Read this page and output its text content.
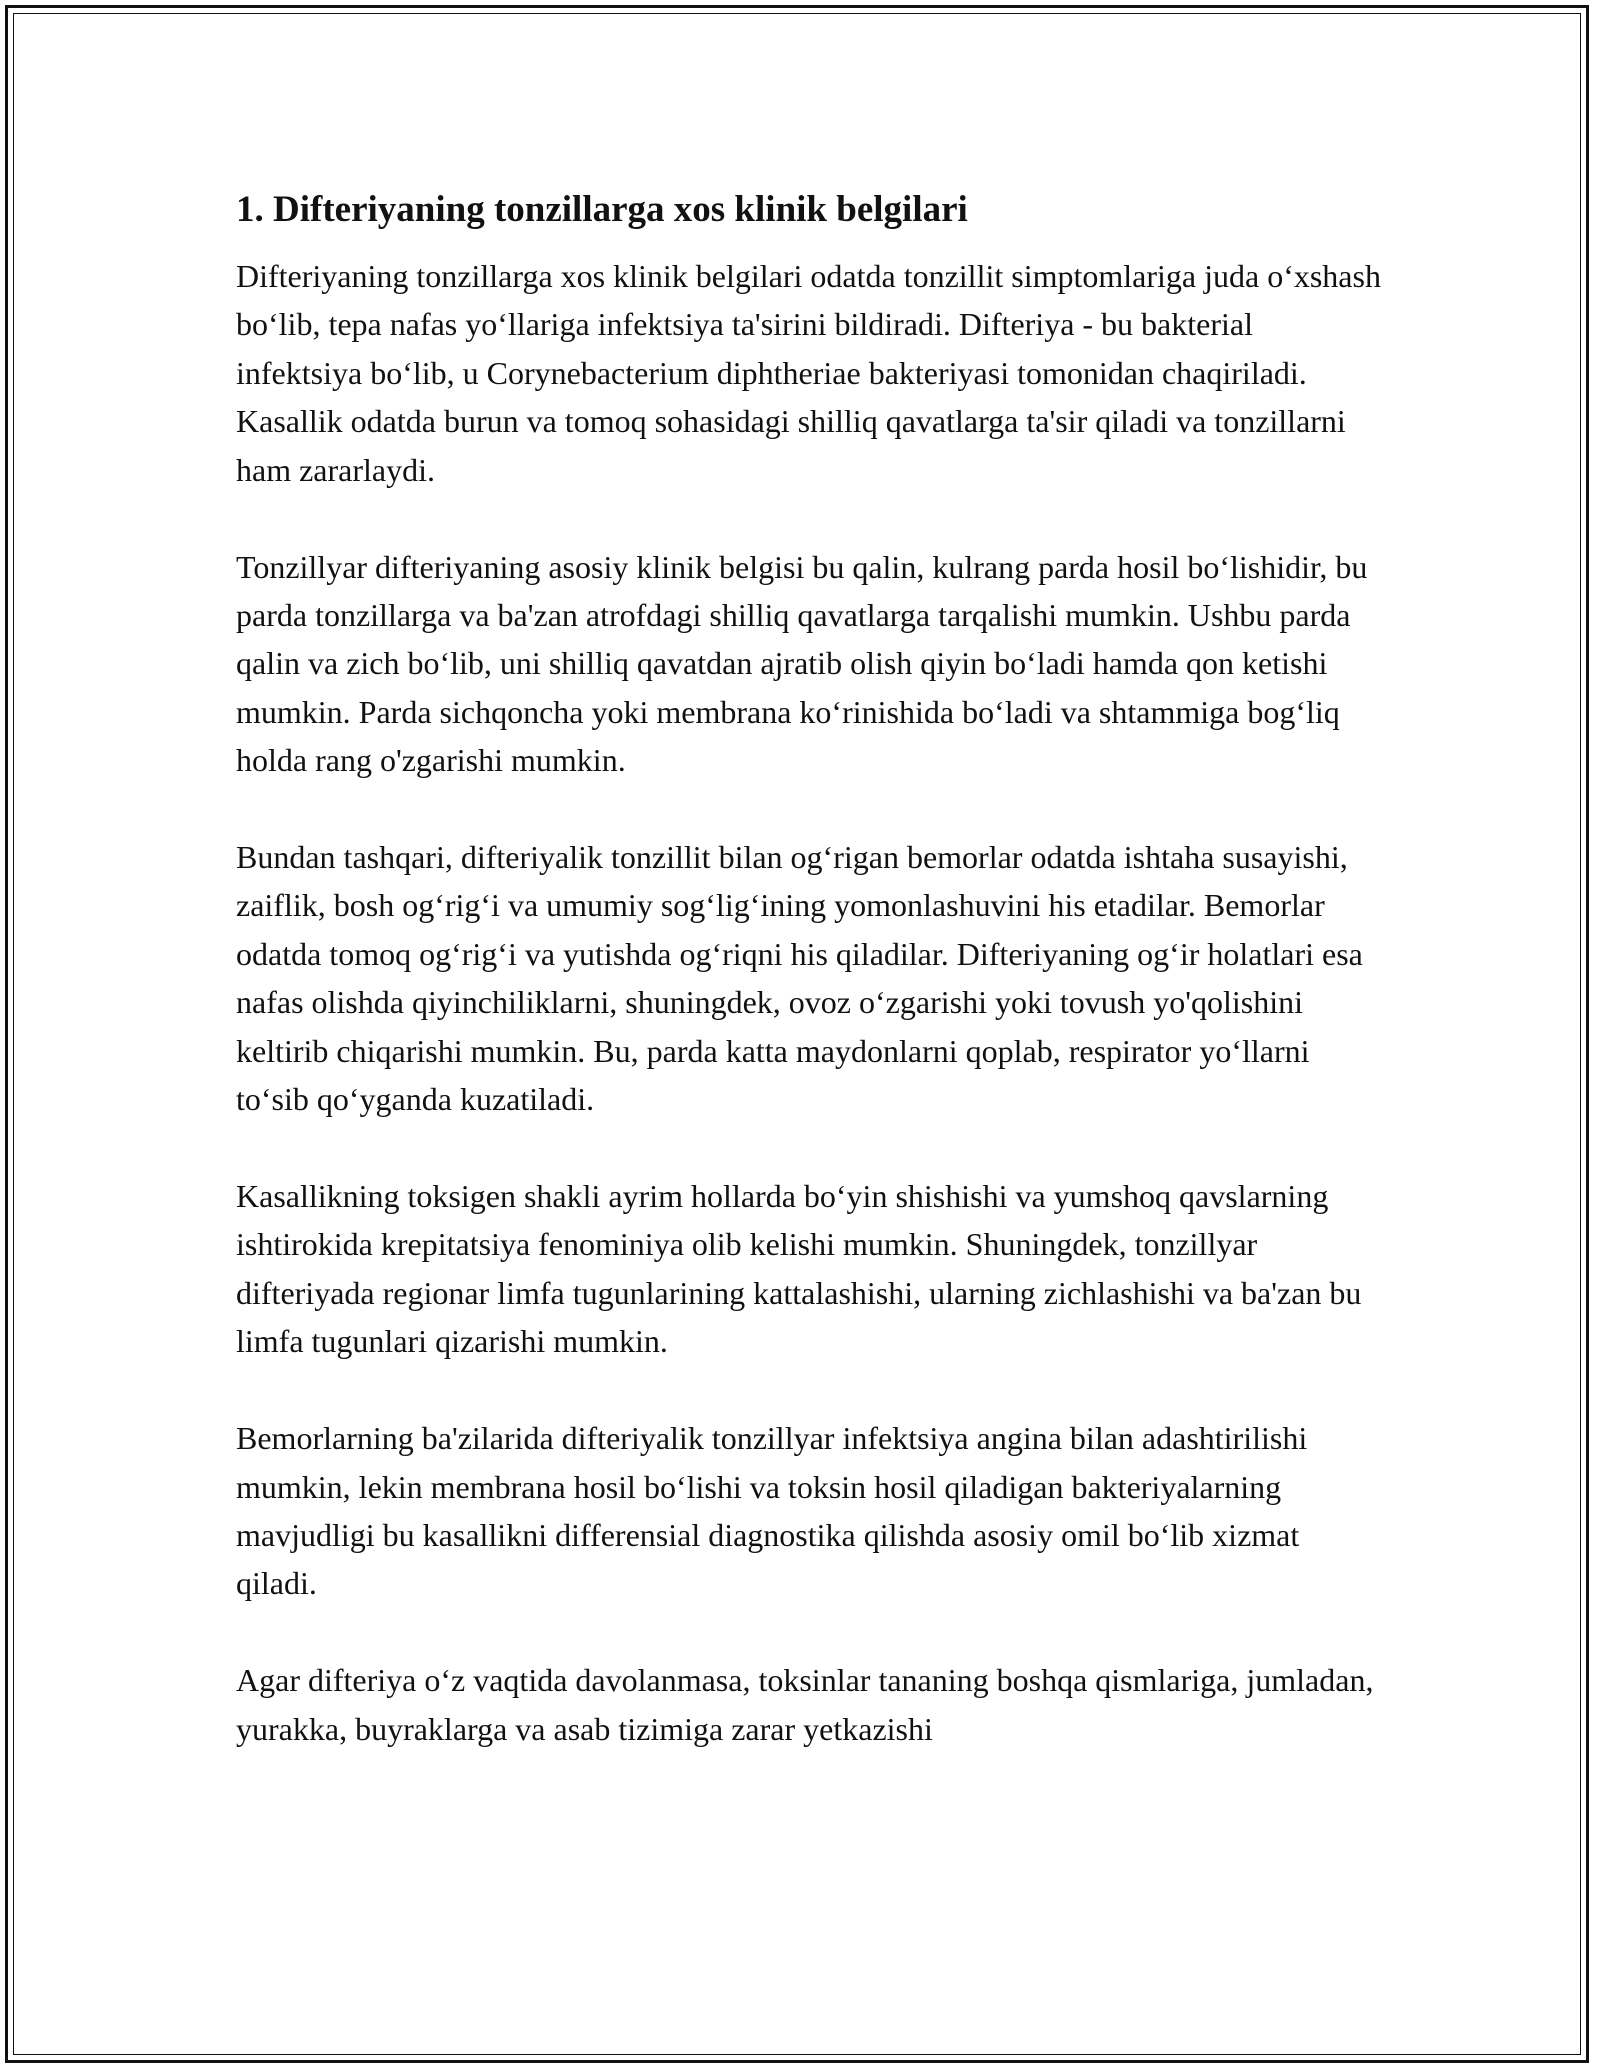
1. Difteriyaning tonzillarga xos klinik belgilari

Difteriyaning tonzillarga xos klinik belgilari odatda tonzillit simptomlariga juda o‘xshash bo‘lib, tepa nafas yo‘llariga infektsiya ta'sirini bildiradi. Difteriya - bu bakterial infektsiya bo‘lib, u Corynebacterium diphtheriae bakteriyasi tomonidan chaqiriladi. Kasallik odatda burun va tomoq sohasidagi shilliq qavatlarga ta'sir qiladi va tonzillarni ham zararlaydi.

Tonzillyar difteriyaning asosiy klinik belgisi bu qalin, kulrang parda hosil bo‘lishidir, bu parda tonzillarga va ba'zan atrofdagi shilliq qavatlarga tarqalishi mumkin. Ushbu parda qalin va zich bo‘lib, uni shilliq qavatdan ajratib olish qiyin bo‘ladi hamda qon ketishi mumkin. Parda sichqoncha yoki membrana ko‘rinishida bo‘ladi va shtammiga bog‘liq holda rang o'zgarishi mumkin.

Bundan tashqari, difteriyalik tonzillit bilan og‘rigan bemorlar odatda ishtaha susayishi, zaiflik, bosh og‘rig‘i va umumiy sog‘lig‘ining yomonlashuvini his etadilar. Bemorlar odatda tomoq og‘rig‘i va yutishda og‘riqni his qiladilar. Difteriyaning og‘ir holatlari esa nafas olishda qiyinchiliklarni, shuningdek, ovoz o‘zgarishi yoki tovush yo'qolishini keltirib chiqarishi mumkin. Bu, parda katta maydonlarni qoplab, respirator yo‘llarni to‘sib qo‘yganda kuzatiladi.

Kasallikning toksigen shakli ayrim hollarda bo‘yin shishishi va yumshoq qavslarning ishtirokida krepitatsiya fenominiya olib kelishi mumkin. Shuningdek, tonzillyar difteriyada regionar limfa tugunlarining kattalashishi, ularning zichlashishi va ba'zan bu limfa tugunlari qizarishi mumkin.

Bemorlarning ba'zilarida difteriyalik tonzillyar infektsiya angina bilan adashtirilishi mumkin, lekin membrana hosil bo‘lishi va toksin hosil qiladigan bakteriyalarning mavjudligi bu kasallikni differensial diagnostika qilishda asosiy omil bo‘lib xizmat qiladi.

Agar difteriya o‘z vaqtida davolanmasa, toksinlar tananing boshqa qismlariga, jumladan, yurakka, buyraklarga va asab tizimiga zarar yetkazishi
